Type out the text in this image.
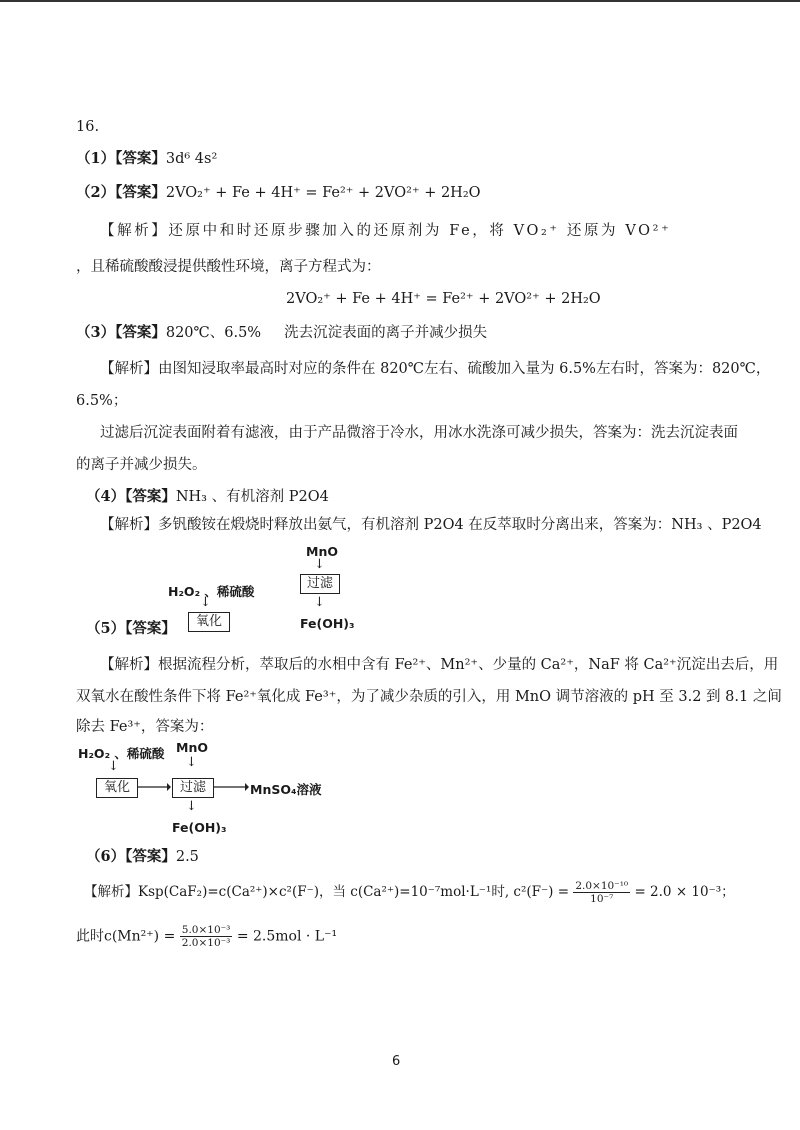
16.
（1）【答案】3d⁶ 4s²
（2）【答案】2VO₂⁺ + Fe + 4H⁺ = Fe²⁺ + 2VO²⁺ + 2H₂O
【解析】还原中和时还原步骤加入的还原剂为 Fe，将 VO₂⁺ 还原为 VO²⁺
，且稀硫酸酸浸提供酸性环境，离子方程式为：
2VO₂⁺ + Fe + 4H⁺ = Fe²⁺ + 2VO²⁺ + 2H₂O
（3）【答案】820℃、6.5%     洗去沉淀表面的离子并减少损失
【解析】由图知浸取率最高时对应的条件在 820℃左右、硫酸加入量为 6.5%左右时，答案为：820℃，
6.5%；
过滤后沉淀表面附着有滤液，由于产品微溶于冷水，用冰水洗涤可减少损失，答案为：洗去沉淀表面
的离子并减少损失。
（4）【答案】NH₃ 、有机溶剂 P2O4
【解析】多钒酸铵在煅烧时释放出氨气，有机溶剂 P2O4 在反萃取时分离出来，答案为：NH₃ 、P2O4
（5）【答案】
H₂O₂ 、稀硫酸
↓
氧化
MnO
↓
过滤
↓
Fe(OH)₃
【解析】根据流程分析，萃取后的水相中含有 Fe²⁺、Mn²⁺、少量的 Ca²⁺，NaF 将 Ca²⁺沉淀出去后，用
双氧水在酸性条件下将 Fe²⁺氧化成 Fe³⁺，为了减少杂质的引入，用 MnO 调节溶液的 pH 至 3.2 到 8.1 之间
除去 Fe³⁺，答案为：
H₂O₂ 、稀硫酸
↓
氧化
MnO
↓
过滤	MnSO₄溶液
↓
Fe(OH)₃
（6）【答案】2.5
【解析】Ksp(CaF₂)=c(Ca²⁺)×c²(F⁻)，当 c(Ca²⁺)=10⁻⁷mol·L⁻¹时, $c^2(F^-) = \frac{\text{2.0×10⁻¹⁰}}{\text{10⁻⁷}} = 2.0 \times 10^{-3}$；
此时$c(Mn^{2+}) = \frac{\text{5.0×10⁻³}}{\text{2.0×10⁻³}} = 2.5mol \cdot L^{-1}$
6
